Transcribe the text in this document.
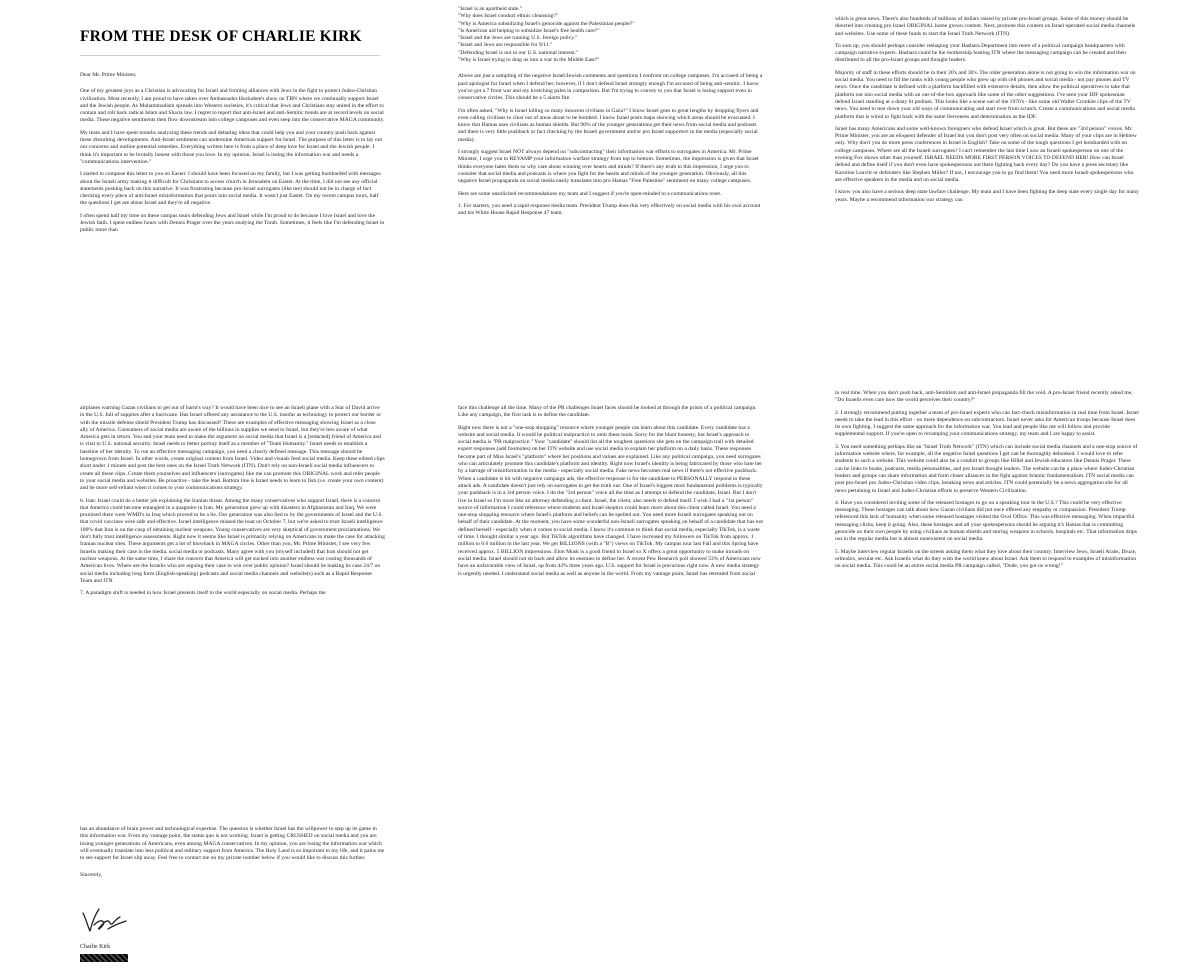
FROM THE DESK OF CHARLIE KIRK

Dear Mr. Prime Minister,

One of my greatest joys as a Christian is advocating for Israel and forming alliances with Jews in the fight to protect Judeo-Christian civilization. Most recently, I am proud to have taken over Ambassador Huckabee's show on TBN where we continually support Israel and the Jewish people. As Muhammadism spreads into Western societies, it's critical that Jews and Christians stay united in the effort to contain and roll back radical Islam and Sharia law. I regret to report that anti-Israel and anti-Semitic trends are at record levels on social media. These negative sentiments then flow downstream into college campuses and even seep into the conservative MAGA community.

My team and I have spent months analyzing these trends and debating ideas that could help you and your country push back against these disturbing developments. Anti-Israel sentiment can undermine American support for Israel. The purpose of this letter is to lay out our concerns and outline potential remedies. Everything written here is from a place of deep love for Israel and the Jewish people. I think it's important to be brutally honest with those you love. In my opinion, Israel is losing the information war and needs a "communications intervention."

I started to compose this letter to you on Easter. I should have been focused on my family, but I was getting bombarded with messages about the Israeli army making it difficult for Christians to access church in Jerusalem on Easter. At the time, I did not see any official statements pushing back on this narrative. It was frustrating because pro-Israel surrogates (like me) should not be in charge of fact checking every piece of anti-Israel misinformation that pours into social media. It wasn't just Easter. On my recent campus tours, half the questions I get are about Israel and they're all negative.

I often spend half my time on these campus tours defending Jews and Israel while I'm proud to do because I love Israel and love the Jewish faith. I spent endless hours with Dennis Prager over the years studying the Torah. Sometimes, it feels like I'm defending Israel in public more than

"Israel is an apartheid state."

"Why does Israel conduct ethnic cleansing?"

"Why is America subsidizing Israel's genocide against the Palestinian people?"

"Is American aid helping to subsidize Israel's free health care?"

"Israel and the Jews are running U.S. foreign policy."

"Israel and Jews are responsible for 9/11."

"Defending Israel is not in our U.S. national interest."

"Why is Israel trying to drag us into a war in the Middle East?"

Above are just a sampling of the negative Israel/Jewish comments and questions I confront on college campuses. I'm accused of being a paid apologist for Israel when I defend her; however, if I don't defend Israel strongly enough I'm accused of being anti-semitic. I know you've got a 7 front war and my kvetching pales in comparison. But I'm trying to convey to you that Israel is losing support even in conservative circles. This should be a 5 alarm fire.

I'm often asked, "Why is Israel killing so many innocent civilians in Gaza?" I know Israel goes to great lengths by dropping flyers and even calling civilians to clear out of areas about to be bombed. I know Israel posts maps showing which areas should be evacuated. I know that Hamas uses civilians as human shields. But 90% of the younger generations get their news from social media and podcasts and there is very little pushback or fact checking by the Israeli government and/or pro Israel supporters in the media (especially social media).

I strongly suggest Israel NOT always depend on "subcontracting" their information war efforts to surrogates in America. Mr. Prime Minister, I urge you to REVAMP your information warfare strategy from top to bottom. Sometimes, the impression is given that Israel thinks everyone hates them so why care about winning over hearts and minds? If there's any truth to this impression, I urge you to consider that social media and podcasts is where you fight for the hearts and minds of the younger generation. Obviously, all this negative Israel propaganda on social media easily translates into pro Hamas "Free Palestine" sentiment on many college campuses.

Here are some unsolicited recommendations my team and I suggest if you're open-minded to a communications reset.

1. For starters, you need a rapid response media team. President Trump does this very effectively on social media with his own account and his White House Rapid Response 47 team.

which is great news. There's also hundreds of millions of dollars raised by private pro-Israel groups. Some of this money should be directed into creating pro Israel ORIGINAL home grown content. Next, promote this content on Israel operated social media channels and websites. Use some of these funds to start the Israel Truth Network (ITN).

To sum up, you should perhaps consider reshaping your Hasbara Department into more of a political campaign headquarters with campaign narrative experts. Hasbara could be the mothership hosting ITN where the messaging campaign can be created and then distributed to all the pro-Israel groups and thought leaders.

Majority of staff in these efforts should be in their 20's and 30's. The older generation alone is not going to win the information war on social media. You need to fill the ranks with young people who grew up with cell phones and social media - not pay phones and TV news. Once the candidate is defined with a platform backfilled with extensive details, then allow the political operatives to take that platform out into social media with an out-of-the-box approach like some of the other suggestions. I've seen your IDF spokesman defend Israel standing at a dusty lit podium. This looks like a scene out of the 1970's - like some old Walter Cronkite clips of the TV news. You need to tear down your old ways of communicating and start over from scratch. Create a communications and social media platform that is wired to fight back with the same fierceness and determination as the IDF.

Israel has many Americans and some well-known foreigners who defend Israel which is great. But these are "3rd person" voices. Mr. Prime Minister, you are an eloquent defender of Israel but you don't post very often on social media. Many of your clips are in Hebrew only. Why don't you do more press conferences in Israel in English? Take on some of the tough questions I get bombarded with on college campuses. Where are all the Israeli surrogates? I can't remember the last time I saw an Israeli spokesperson on one of the evening Fox shows other than yourself. ISRAEL NEEDS MORE FIRST PERSON VOICES TO DEFEND HER! How can Israel defend and define itself if you don't even have spokespersons out there fighting back every day? Do you have a press secretary like Karoline Leavitt or defenders like Stephen Miller? If not, I encourage you to go find them! You need more Israeli spokespersons who are effective speakers in the media and on social media.

I know you also have a serious deep state lawfare challenge. My team and I have been fighting the deep state every single day for many years. Maybe a recommend information war strategy can

airplanes warning Gazan civilians to get out of harm's way? It would have been nice to see an Israeli plane with a Star of David arrive in the U.S. full of supplies after a hurricane. Has Israel offered any assistance to the U.S. insofar as technology to protect our border or with the missile defense shield President Trump has discussed? These are examples of effective messaging showing Israel as a close ally of America. Consumers of social media are aware of the billions in supplies we send to Israel, but they're less aware of what America gets in return. You and your team need to make the argument on social media that Israel is a [redacted] friend of America and is vital to U.S. national security. Israel needs to better portray itself as a member of "Team Humanity." Israel needs to establish a baseline of her identity. To run an effective messaging campaign, you need a clearly defined message. This message should be homegrown from Israel. In other words, create original content from Israel. Video and visuals feed social media. Keep these edited clips short under 1 minute and post the best ones on the Israel Truth Network (ITN). Don't rely on non-Israeli social media influencers to create all these clips. Create them yourselves and influencers (surrogates) like me can promote this ORIGINAL work and refer people to your social media and websites. Be proactive - take the lead. Bottom line is Israel needs to learn to fish (i.e. create your own content) and be more self-reliant when it comes to your communications strategy.

6. Iran: Israel could do a better job explaining the Iranian threat. Among the many conservatives who support Israel, there is a concern that America could become entangled in a quagmire in Iran. My generation grew up with disasters in Afghanistan and Iraq. We were promised there were WMD's in Iraq which proved to be a lie. Our generation was also lied to by the governments of Israel and the U.S. that covid vaccines were safe and effective. Israel intelligence missed the boat on October 7, but we're asked to trust Israeli intelligence 100% that Iran is on the cusp of obtaining nuclear weapons. Young conservatives are very skeptical of government proclamations. We don't fully trust intelligence assessments. Right now it seems like Israel is primarily relying on Americans to make the case for attacking Iranian nuclear sites. These arguments get a lot of blowback in MAGA circles. Other than you, Mr. Prime Minister, I see very few Israelis making their case in the media, social media or podcasts. Many agree with you (myself included) that Iran should not get nuclear weapons. At the same time, I share the concern that America will get sucked into another endless war costing thousands of American lives. Where are the Israelis who are arguing their case to win over public opinion? Israel should be making its case 24/7 on social media including long form (English-speaking) podcasts and social media channels and website(s) such as a Rapid Response Team and ITN.

7. A paradigm shift is needed in how Israel presents itself to the world especially on social media. Perhaps the

face this challenge all the time. Many of the PR challenges Israel faces should be looked at through the prism of a political campaign. Like any campaign, the first task is to define the candidate.

Right now there is not a "one-stop shopping" resource where younger people can learn about this candidate. Every candidate has a website and social media. It would be political malpractice to omit these tools. Sorry for the blunt honesty, but Israel's approach to social media is "PR malpractice." Your "candidate" should list all the toughest questions she gets on the campaign trail with detailed expert responses (add footnotes) on her ITN website and use social media to explain her platform on a daily basis. These responses become part of Miss Israel's "platform" where her positions and values are explained. Like any political campaign, you need surrogates who can articulately promote this candidate's platform and identity. Right now Israel's identity is being fabricated by those who hate her by a barrage of misinformation in the media - especially social media. Fake news becomes real news if there's not effective pushback. When a candidate is hit with negative campaign ads, the effective response is for the candidate to PERSONALLY respond to these attack ads. A candidate doesn't just rely on surrogates to get the truth out. One of Israel's biggest most fundamental problems is typically your pushback is in a 3rd person voice. I do the "3rd person" voice all the time as I attempt to defend the candidate, Israel. But I don't live in Israel so I'm more like an attorney defending a client. Israel, the client, also needs to defend itself. I wish I had a "1st person" source of information I could reference where students and Israel skeptics could learn more about this client called Israel. You need a one-stop shopping resource where Israel's platform and beliefs can be spelled out. You need more Israeli surrogates speaking out on behalf of their candidate. At the moment, you have some wonderful non-Israeli surrogates speaking on behalf of a candidate that has not defined herself - especially when it comes to social media. I know it's common to think that social media, especially TikTok, is a waste of time. I thought similar a year ago. But TikTok algorithms have changed. I have increased my followers on TikTok from approx. 1 million to 6.6 million in the last year. We get BILLIONS (with a "B") views on TikTok. My campus tour last Fall and this Spring have received approx. 5 BILLION impressions. Elon Musk is a good friend to Israel so X offers a great opportunity to make inroads on social media. Israel should not sit back and allow its enemies to define her. A recent Pew Research poll showed 53% of Americans now have an unfavorable view of Israel, up from 42% three years ago. U.S. support for Israel is precarious right now. A new media strategy is urgently needed. I understand social media as well as anyone in the world. From my vantage point, Israel has retreated from social

in real time. When you don't push back, anti-Semitism and anti-Israel propaganda fill the void. A pro-Israel friend recently asked me, "Do Israelis even care how the world perceives their country?"

2. I strongly recommend putting together a team of pro-Israel experts who can fact-check misinformation in real time from Israel. Israel needs to take the lead in this effort - no more dependence on subcontractors. Israel never asks for American troops because Israel does its own fighting. I suggest the same approach for the information war. You lead and people like me will follow and provide supplemental support. If you're open to revamping your communications strategy, my team and I are happy to assist.

3. You need something perhaps like an "Israel Truth Network" (ITN) which can include social media channels and a one-stop source of information website where, for example, all the negative Israel questions I get can be thoroughly debunked. I would love to refer students to such a website. This website could also be a conduit to groups like Hillel and Jewish educators like Dennis Prager. There can be links to books, podcasts, media personalities, and pro Israel thought leaders. The website can be a place where Judeo-Christian leaders and groups can share information and form closer alliances in the fight against Islamic fundamentalism. ITN social media can post pro-Israel pro Judeo-Christian video clips, breaking news and articles. ITN could potentially be a news aggregation site for all news pertaining to Israel and Judeo-Christian efforts to preserve Western Civilization.

4. Have you considered inviting some of the released hostages to go on a speaking tour in the U.S.? This could be very effective messaging. These hostages can talk about how Gazan civilians did not once offered any empathy or compassion. President Trump referenced this lack of humanity when some released hostages visited the Oval Office. This was effective messaging. When impactful messaging clicks, keep it going. Also, these hostages and all your spokespersons should be arguing it's Hamas that is committing genocide on their own people by using civilians as human shields and storing weapons in schools, hospitals etc. That information drips out in the regular media but is almost nonexistent on social media.

5. Maybe interview regular Israelis on the streets asking them what they love about their country. Interview Jews, Israeli Arabs, Druze, orthodox, secular etc. Ask Israelis what do they wish the world knew about Israel. Ask them to respond to examples of misinformation on social media. This could be an entire social media PR campaign called, "Dude, you got us wrong!"

has an abundance of brain power and technological expertise. The question is whether Israel has the willpower to step up its game in this information war. From my vantage point, the status quo is not working. Israel is getting CRUSHED on social media and you are losing younger generations of Americans, even among MAGA conservatives. In my opinion, you are losing the information war which will eventually translate into less political and military support from America. The Holy Land is so important to my life, and it pains me to see support for Israel slip away. Feel free to contact me on my private number below if you would like to discuss this further.

Sincerely,

Charlie Kirk
